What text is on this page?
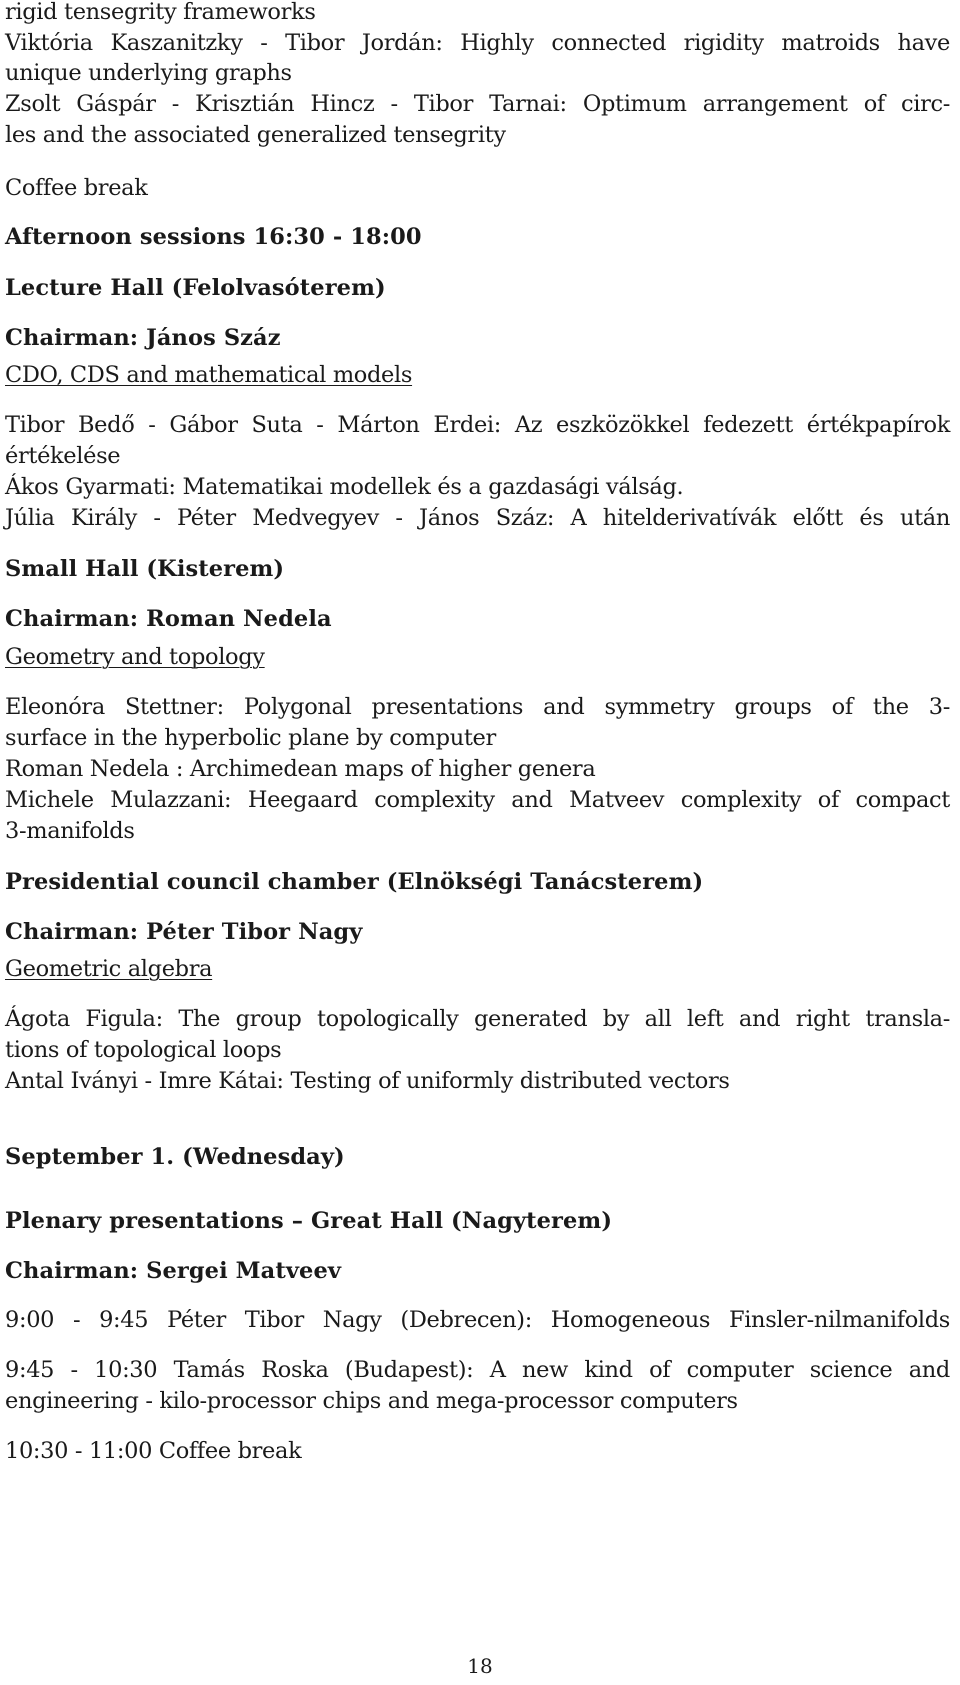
rigid tensegrity frameworks
Viktória Kaszanitzky - Tibor Jordán: Highly connected rigidity matroids have
unique underlying graphs
Zsolt Gáspár - Krisztián Hincz - Tibor Tarnai: Optimum arrangement of circ-
les and the associated generalized tensegrity
Coffee break
Afternoon sessions 16:30 - 18:00
Lecture Hall (Felolvasóterem)
Chairman: János Száz
CDO, CDS and mathematical models
Tibor Bedő - Gábor Suta - Márton Erdei: Az eszközökkel fedezett értékpapírok
értékelése
Ákos Gyarmati: Matematikai modellek és a gazdasági válság.
Júlia Király - Péter Medvegyev - János Száz: A hitelderivatívák előtt és után
Small Hall (Kisterem)
Chairman: Roman Nedela
Geometry and topology
Eleonóra Stettner: Polygonal presentations and symmetry groups of the 3-
surface in the hyperbolic plane by computer
Roman Nedela : Archimedean maps of higher genera
Michele Mulazzani: Heegaard complexity and Matveev complexity of compact
3-manifolds
Presidential council chamber (Elnökségi Tanácsterem)
Chairman: Péter Tibor Nagy
Geometric algebra
Ágota Figula: The group topologically generated by all left and right transla-
tions of topological loops
Antal Iványi - Imre Kátai: Testing of uniformly distributed vectors
September 1. (Wednesday)
Plenary presentations – Great Hall (Nagyterem)
Chairman: Sergei Matveev
9:00 - 9:45 Péter Tibor Nagy (Debrecen): Homogeneous Finsler-nilmanifolds
9:45 - 10:30 Tamás Roska (Budapest): A new kind of computer science and
engineering - kilo-processor chips and mega-processor computers
10:30 - 11:00 Coffee break
18
